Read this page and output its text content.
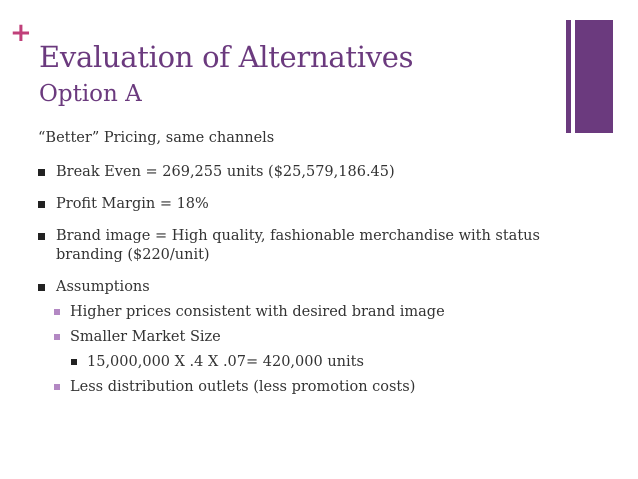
+
Evaluation of Alternatives
Option A
“Better” Pricing, same channels
Break Even = 269,255 units ($25,579,186.45)
Profit Margin = 18%
Brand image = High quality, fashionable merchandise with status branding ($220/unit)
Assumptions
Higher prices consistent with desired brand image
Smaller Market Size
15,000,000 X .4 X .07= 420,000 units
Less distribution outlets (less promotion costs)
